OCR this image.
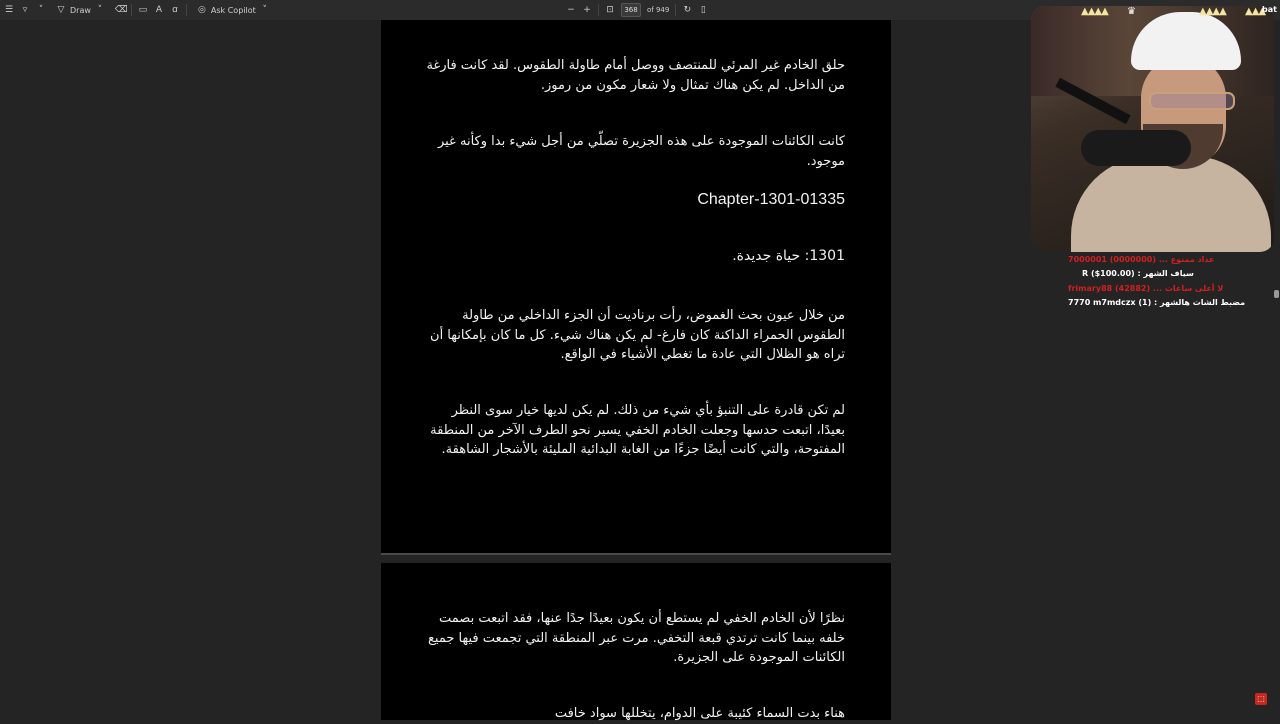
☰	▿	˅	▽ Draw ˅	⌫ ▭ A ꭤ ◎ Ask Copilot ˅	− + ⊡	368	of 949 ↻ ▯
حلق الخادم غير المرئي للمنتصف ووصل أمام طاولة الطقوس. لقد كانت فارغة من الداخل. لم يكن هناك تمثال ولا شعار مكون من رموز.
كانت الكائنات الموجودة على هذه الجزيرة تصلّي من أجل شيء بدا وكأنه غير موجود.
Chapter-1301-01335
1301: حياة جديدة.
من خلال عيون بحث الغموض، رأت برناديت أن الجزء الداخلي من طاولة الطقوس الحمراء الداكنة كان فارغ- لم يكن هناك شيء. كل ما كان بإمكانها أن تراه هو الظلال التي عادة ما تغطي الأشياء في الواقع.
لم تكن قادرة على التنبؤ بأي شيء من ذلك. لم يكن لديها خيار سوى النظر بعيدًا، اتبعت حدسها وجعلت الخادم الخفي يسير نحو الطرف الآخر من المنطقة المفتوحة، والتي كانت أيضًا جزءًا من الغابة البدائية المليئة بالأشجار الشاهقة.
نظرًا لأن الخادم الخفي لم يستطع أن يكون بعيدًا جدًا عنها، فقد اتبعت بصمت خلفه بينما كانت ترتدي قبعة التخفي. مرت عبر المنطقة التي تجمعت فيها جميع الكائنات الموجودة على الجزيرة.
هناء بدت السماء كئيبة على الدوام، يتخللها سواد خافت
▲▲▲▲ ♛	▲▲▲▲ ▲▲▲
bat
7000001 (0000000) ... عداد ممنوع
R ($100.00) : سياف الشهر
frimary88 (42882) ... لا أعلى ساعات
7770 m7mdczx (1) : مضبط الشات هالشهر
⬚
